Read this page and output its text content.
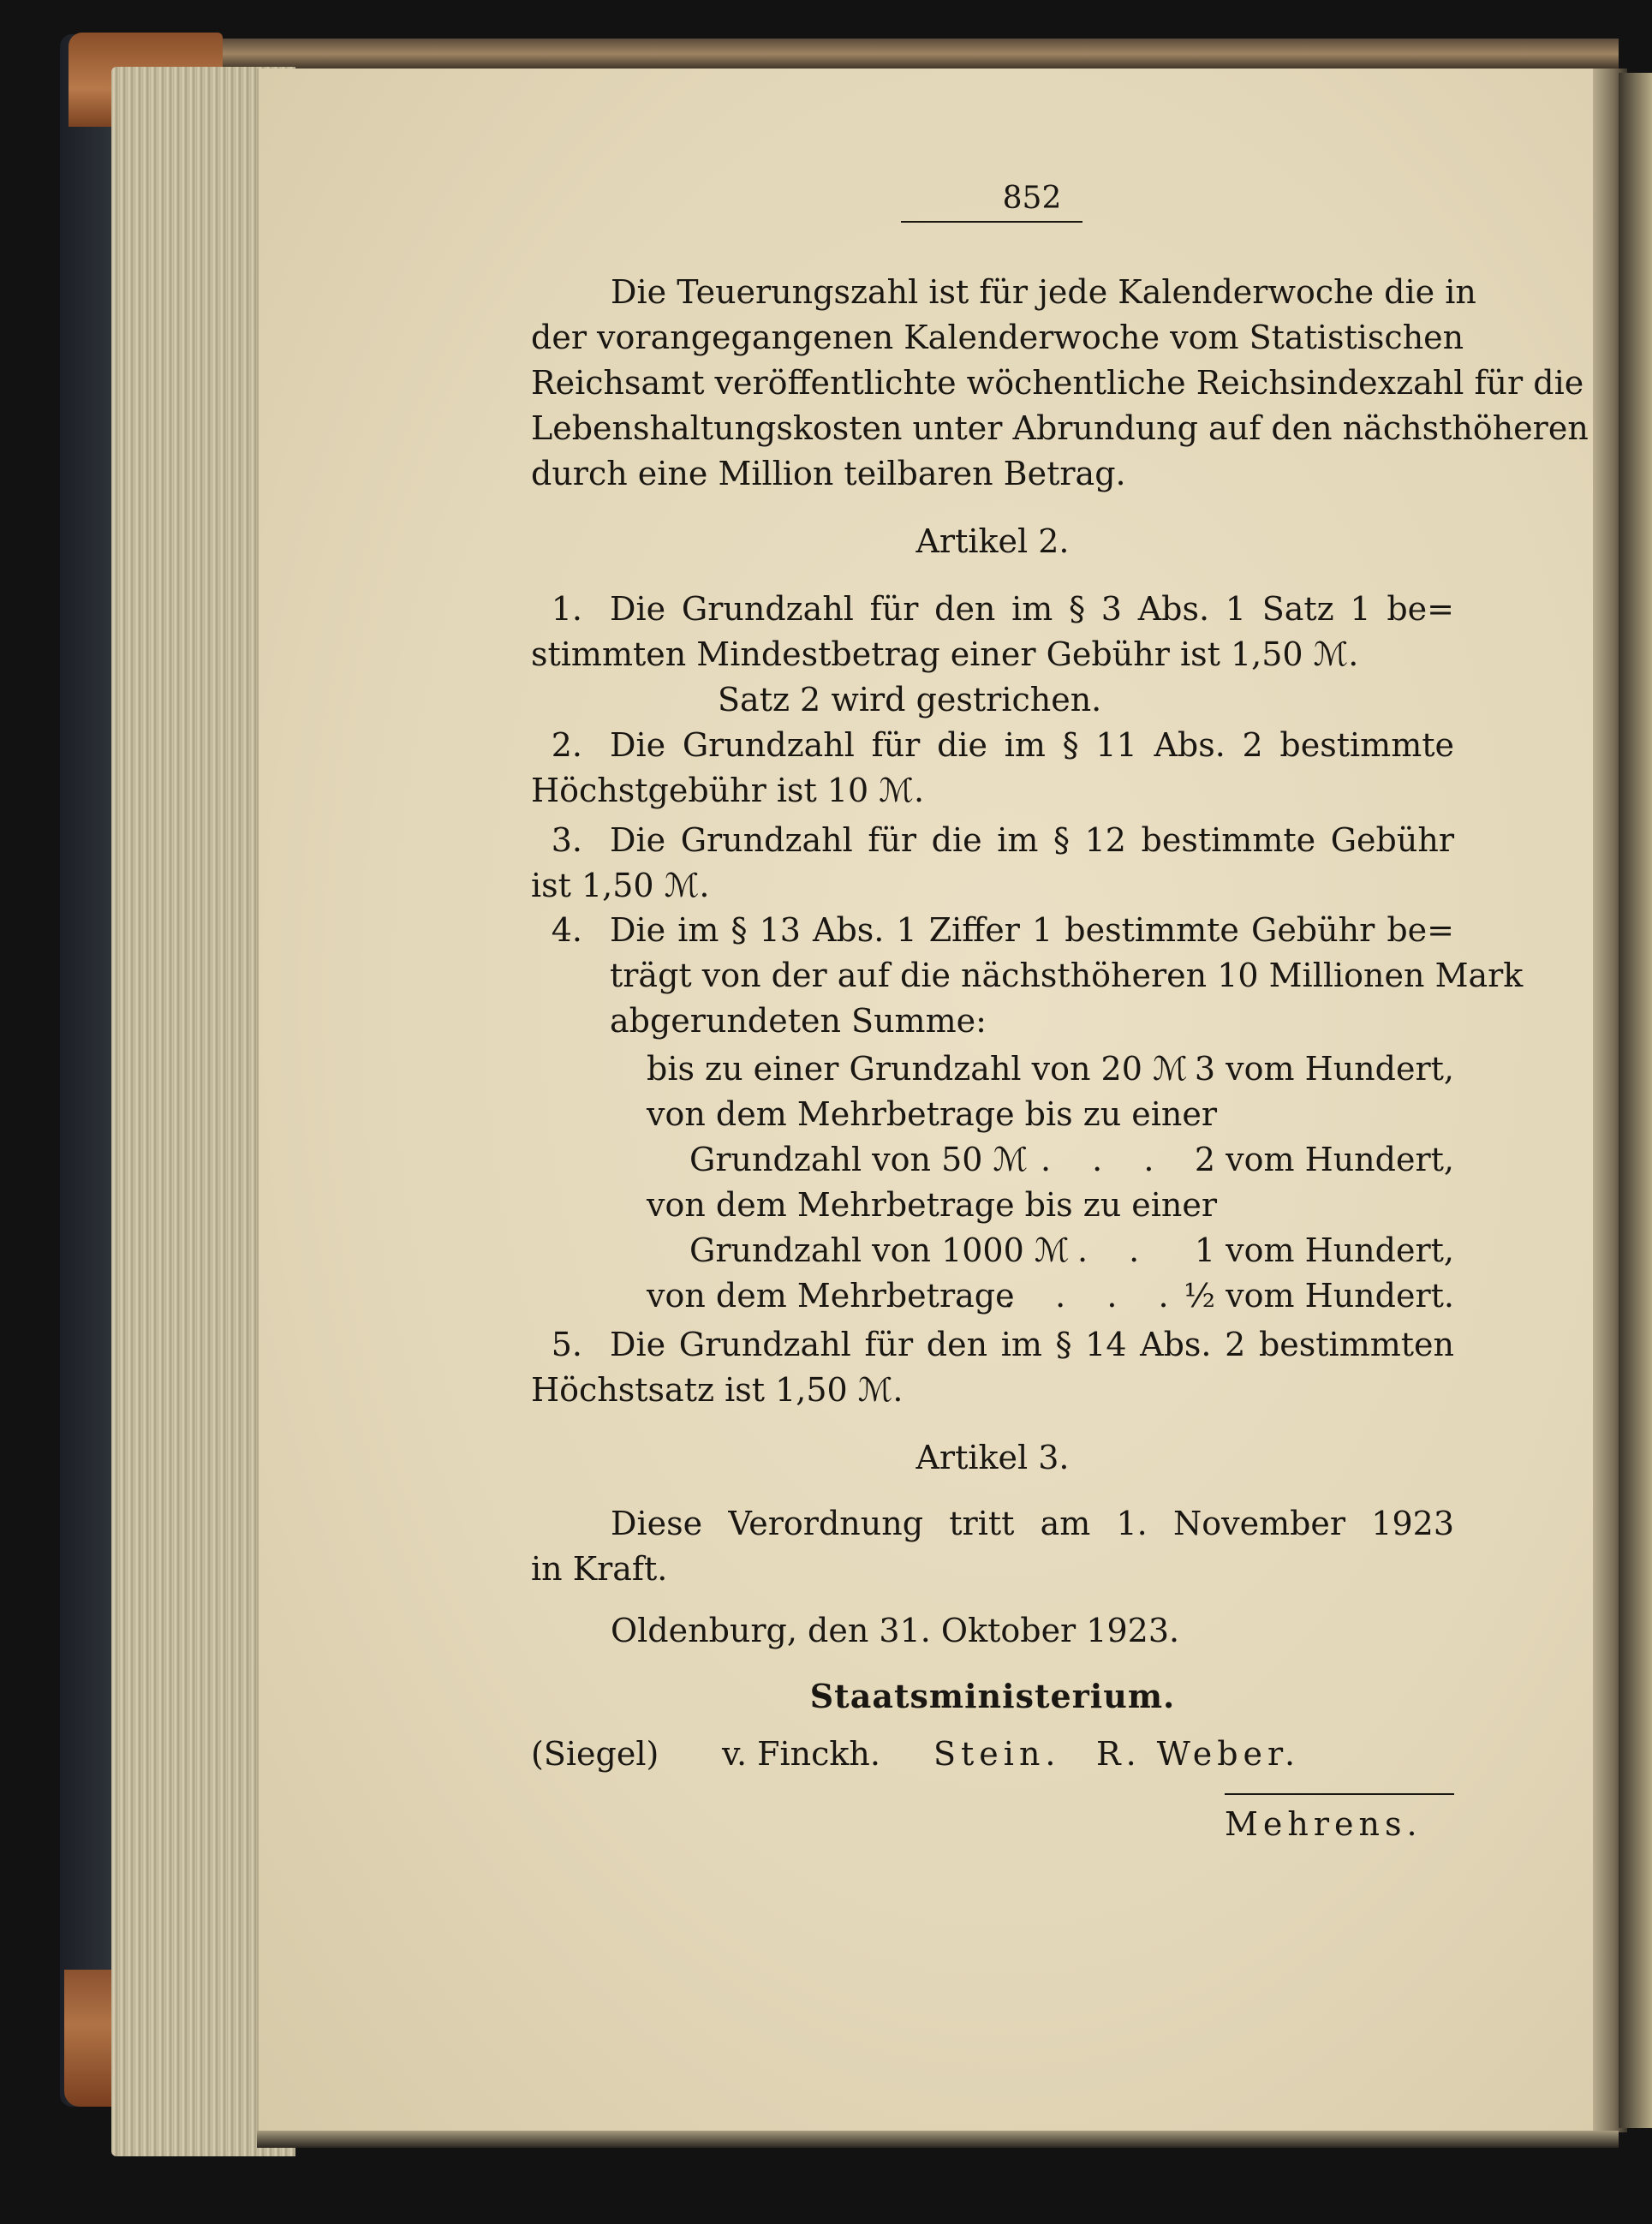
852

Die Teuerungszahl ist für jede Kalenderwoche die in

der vorangegangenen Kalenderwoche vom Statistischen

Reichsamt veröffentlichte wöchentliche Reichsindexzahl für die

Lebenshaltungskosten unter Abrundung auf den nächsthöheren

durch eine Million teilbaren Betrag.

Artikel 2.

1. Die Grundzahl für den im § 3 Abs. 1 Satz 1 be=

stimmten Mindestbetrag einer Gebühr ist 1,50 ℳ.

Satz 2 wird gestrichen.

2. Die Grundzahl für die im § 11 Abs. 2 bestimmte

Höchstgebühr ist 10 ℳ.

3. Die Grundzahl für die im § 12 bestimmte Gebühr

ist 1,50 ℳ.

4. Die im § 13 Abs. 1 Ziffer 1 bestimmte Gebühr be=

trägt von der auf die nächsthöheren 10 Millionen Mark

abgerundeten Summe:

bis zu einer Grundzahl von 20 ℳ 3 vom Hundert,

von dem Mehrbetrage bis zu einer

Grundzahl von 50 ℳ . . . 2 vom Hundert,

von dem Mehrbetrage bis zu einer

Grundzahl von 1000 ℳ . .	1 vom Hundert,

von dem Mehrbetrage

. . . . ½ vom Hundert.

5. Die Grundzahl für den im § 14 Abs. 2 bestimmten

Höchstsatz ist 1,50 ℳ.

Artikel 3.

Diese Verordnung tritt am 1. November 1923

in Kraft.

Oldenburg, den 31. Oktober 1923.

Staatsministerium.

(Siegel) v. Finckh. Stein. R. Weber.

Mehrens.
